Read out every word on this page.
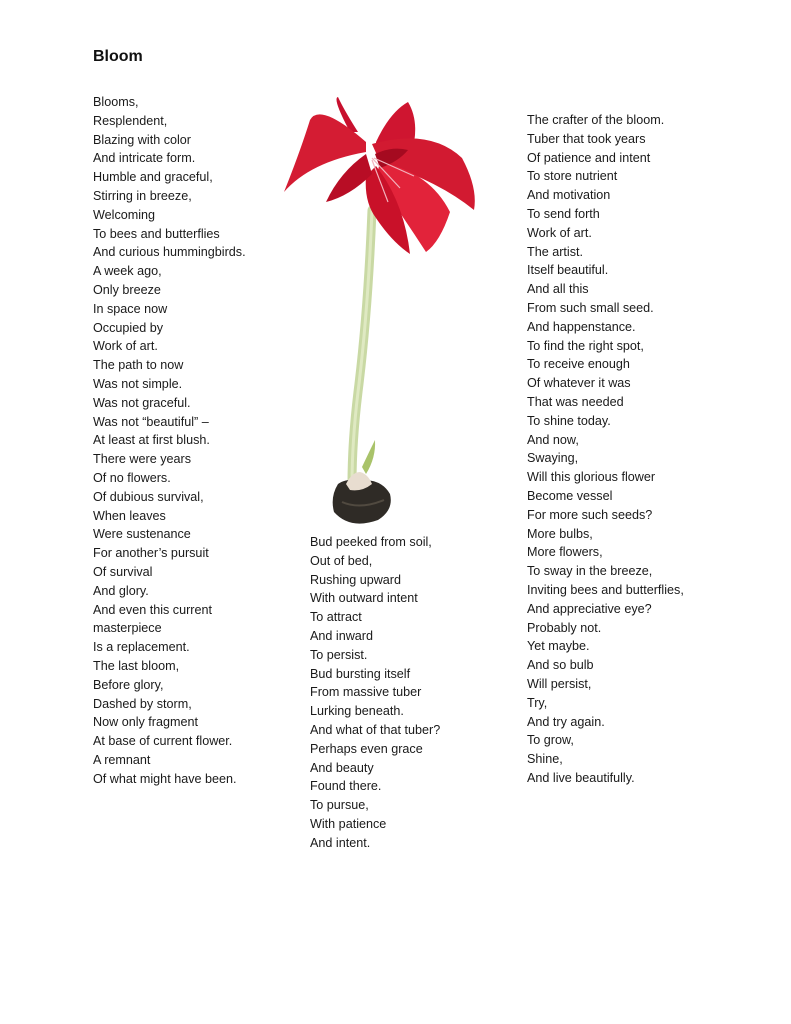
Bloom
Blooms,
Resplendent,
Blazing with color
And intricate form.
Humble and graceful,
Stirring in breeze,
Welcoming
To bees and butterflies
And curious hummingbirds.
A week ago,
Only breeze
In space now
Occupied by
Work of art.
The path to now
Was not simple.
Was not graceful.
Was not “beautiful” –
At least at first blush.
There were years
Of no flowers.
Of dubious survival,
When leaves
Were sustenance
For another’s pursuit
Of survival
And glory.
And even this current
masterpiece
Is a replacement.
The last bloom,
Before glory,
Dashed by storm,
Now only fragment
At base of current flower.
A remnant
Of what might have been.
Bud peeked from soil,
Out of bed,
Rushing upward
With outward intent
To attract
And inward
To persist.
Bud bursting itself
From massive tuber
Lurking beneath.
And what of that tuber?
Perhaps even grace
And beauty
Found there.
To pursue,
With patience
And intent.
The crafter of the bloom.
Tuber that took years
Of patience and intent
To store nutrient
And motivation
To send forth
Work of art.
The artist.
Itself beautiful.
And all this
From such small seed.
And happenstance.
To find the right spot,
To receive enough
Of whatever it was
That was needed
To shine today.
And now,
Swaying,
Will this glorious flower
Become vessel
For more such seeds?
More bulbs,
More flowers,
To sway in the breeze,
Inviting bees and butterflies,
And appreciative eye?
Probably not.
Yet maybe.
And so bulb
Will persist,
Try,
And try again.
To grow,
Shine,
And live beautifully.
